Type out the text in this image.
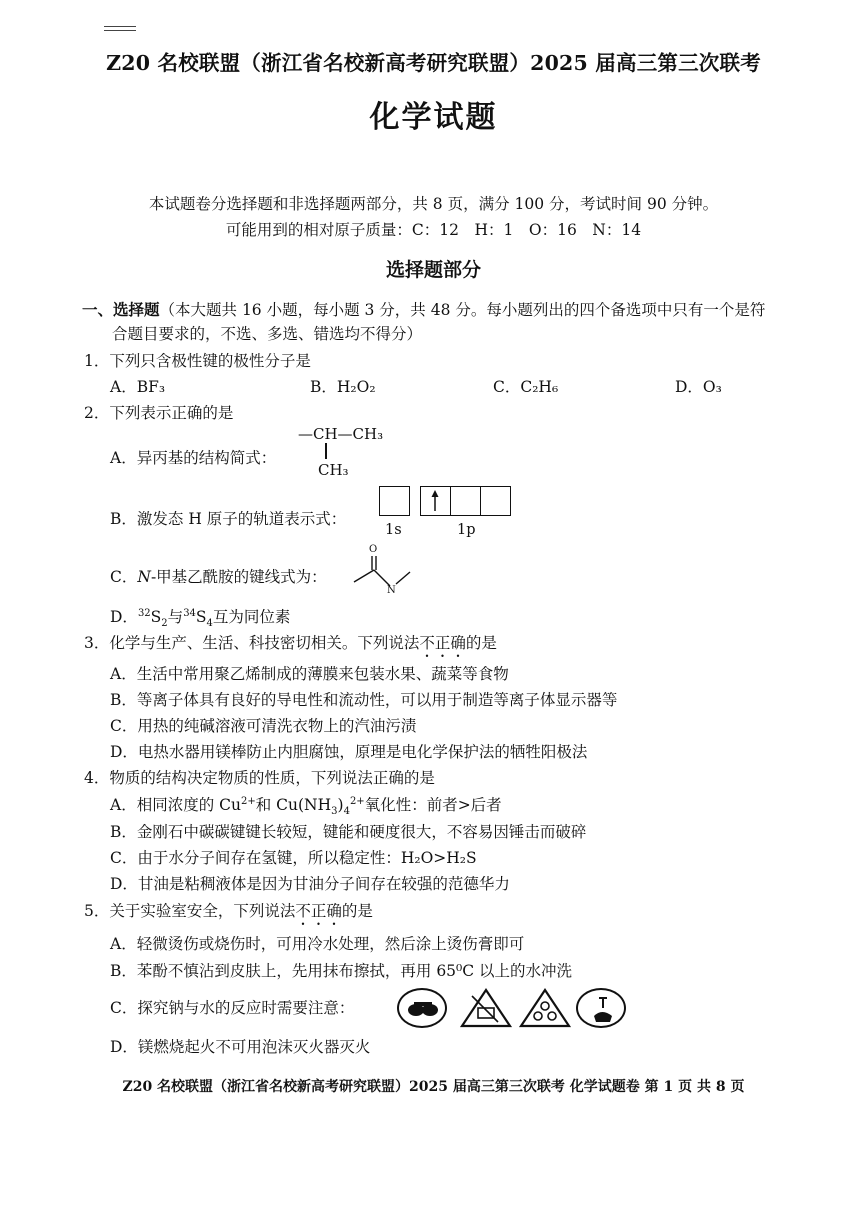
Z20 名校联盟（浙江省名校新高考研究联盟）2025 届高三第三次联考
化学试题
本试题卷分选择题和非选择题两部分，共 8 页，满分 100 分，考试时间 90 分钟。
可能用到的相对原子质量：C：12　H：1　O：16　N：14
选择题部分
一、选择题（本大题共 16 小题，每小题 3 分，共 48 分。每小题列出的四个备选项中只有一个是符
合题目要求的，不选、多选、错选均不得分）
1．下列只含极性键的极性分子是
A．BF₃	B．H₂O₂	C．C₂H₆	D．O₃
2．下列表示正确的是
A．异丙基的结构简式：
—CH—CH₃
CH₃
B．激发态 H 原子的轨道表示式：
1s	1p
C．N-甲基乙酰胺的键线式为：
O
N
D．$^{32}S_2$与$^{34}S_4$互为同位素
3．化学与生产、生活、科技密切相关。下列说法不正确的是
A．生活中常用聚乙烯制成的薄膜来包装水果、蔬菜等食物
B．等离子体具有良好的导电性和流动性，可以用于制造等离子体显示器等
C．用热的纯碱溶液可清洗衣物上的汽油污渍
D．电热水器用镁棒防止内胆腐蚀，原理是电化学保护法的牺牲阳极法
4．物质的结构决定物质的性质，下列说法正确的是
A．相同浓度的 $Cu^{2+}$和 $Cu(NH_3)_4^{2+}$氧化性：前者>后者
B．金刚石中碳碳键键长较短，键能和硬度很大，不容易因锤击而破碎
C．由于水分子间存在氢键，所以稳定性：H₂O>H₂S
D．甘油是粘稠液体是因为甘油分子间存在较强的范德华力
5．关于实验室安全，下列说法不正确的是
A．轻微烫伤或烧伤时，可用冷水处理，然后涂上烫伤膏即可
B．苯酚不慎沾到皮肤上，先用抹布擦拭，再用 65⁰C 以上的水冲洗
C．探究钠与水的反应时需要注意：
D．镁燃烧起火不可用泡沫灭火器灭火
Z20 名校联盟（浙江省名校新高考研究联盟）2025 届高三第三次联考 化学试题卷 第 1 页 共 8 页
